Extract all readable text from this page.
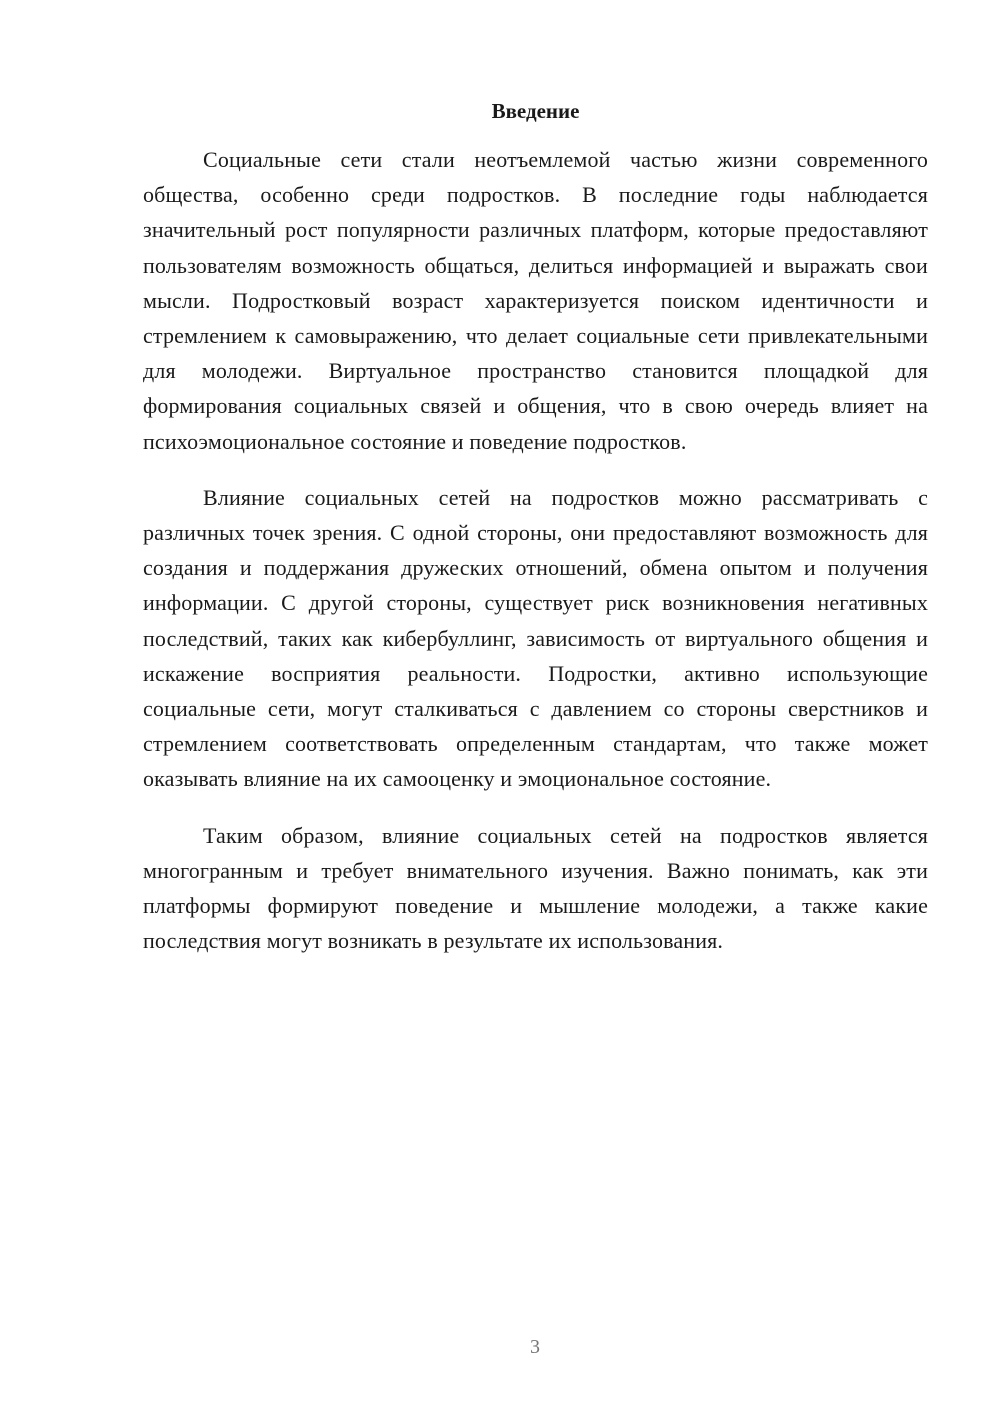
Введение

Социальные сети стали неотъемлемой частью жизни современного общества, особенно среди подростков. В последние годы наблюдается значительный рост популярности различных платформ, которые предоставляют пользователям возможность общаться, делиться информацией и выражать свои мысли. Подростковый возраст характеризуется поиском идентичности и стремлением к самовыражению, что делает социальные сети привлекательными для молодежи. Виртуальное пространство становится площадкой для формирования социальных связей и общения, что в свою очередь влияет на психоэмоциональное состояние и поведение подростков.

Влияние социальных сетей на подростков можно рассматривать с различных точек зрения. С одной стороны, они предоставляют возможность для создания и поддержания дружеских отношений, обмена опытом и получения информации. С другой стороны, существует риск возникновения негативных последствий, таких как кибербуллинг, зависимость от виртуального общения и искажение восприятия реальности. Подростки, активно использующие социальные сети, могут сталкиваться с давлением со стороны сверстников и стремлением соответствовать определенным стандартам, что также может оказывать влияние на их самооценку и эмоциональное состояние.

Таким образом, влияние социальных сетей на подростков является многогранным и требует внимательного изучения. Важно понимать, как эти платформы формируют поведение и мышление молодежи, а также какие последствия могут возникать в результате их использования.

3
